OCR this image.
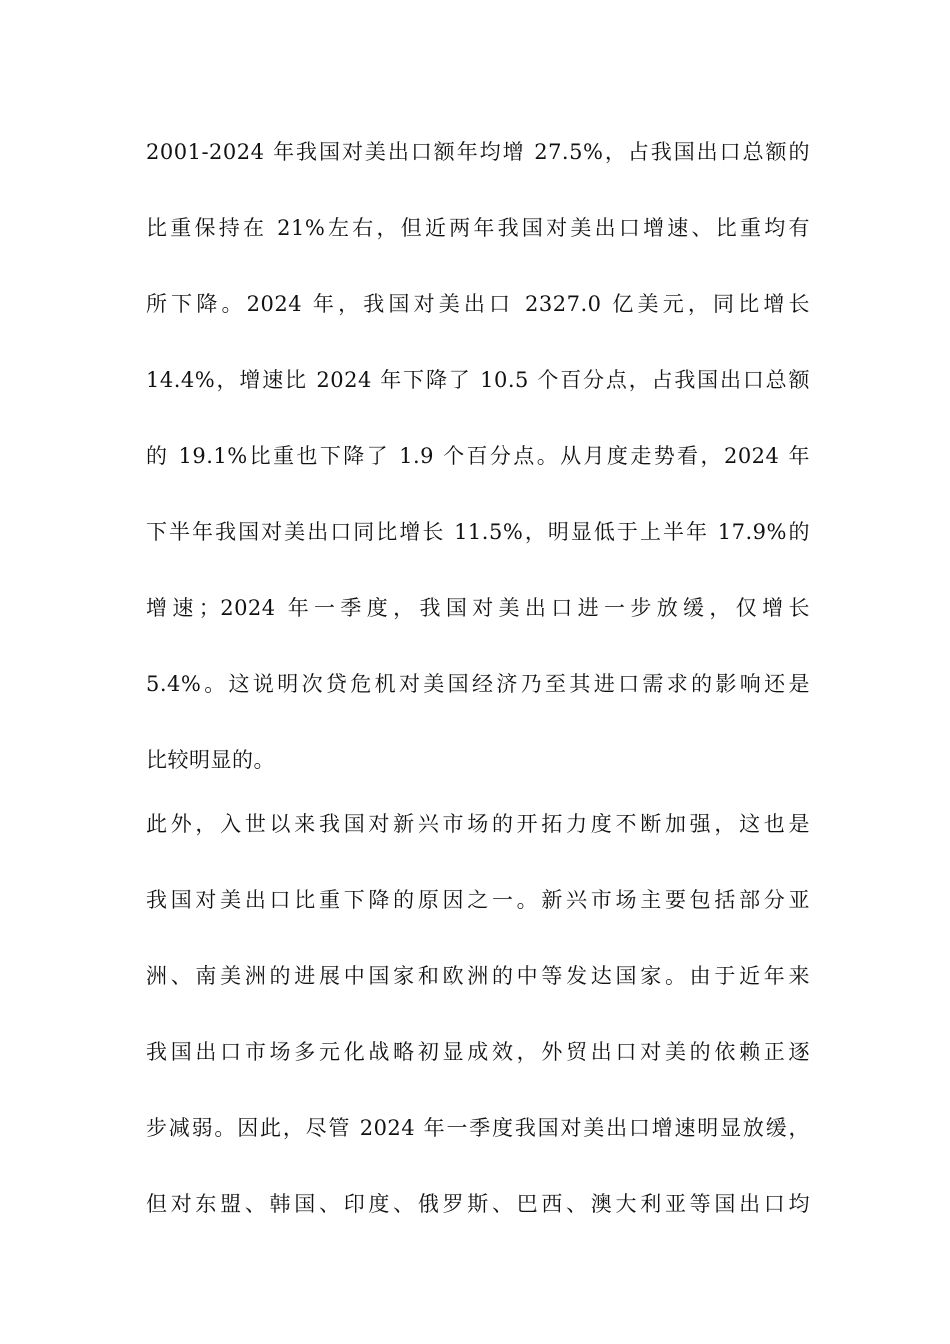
2001-2024 年我国对美出口额年均增 27.5%，占我国出口总额的
比重保持在 21%左右，但近两年我国对美出口增速、比重均有
所下降。2024 年，我国对美出口 2327.0 亿美元，同比增长
14.4%，增速比 2024 年下降了 10.5 个百分点，占我国出口总额
的 19.1%比重也下降了 1.9 个百分点。从月度走势看，2024 年
下半年我国对美出口同比增长 11.5%，明显低于上半年 17.9%的
增速；2024 年一季度，我国对美出口进一步放缓，仅增长
5.4%。这说明次贷危机对美国经济乃至其进口需求的影响还是
比较明显的。
此外，入世以来我国对新兴市场的开拓力度不断加强，这也是
我国对美出口比重下降的原因之一。新兴市场主要包括部分亚
洲、南美洲的进展中国家和欧洲的中等发达国家。由于近年来
我国出口市场多元化战略初显成效，外贸出口对美的依赖正逐
步减弱。因此，尽管 2024 年一季度我国对美出口增速明显放缓，
但对东盟、韩国、印度、俄罗斯、巴西、澳大利亚等国出口均
